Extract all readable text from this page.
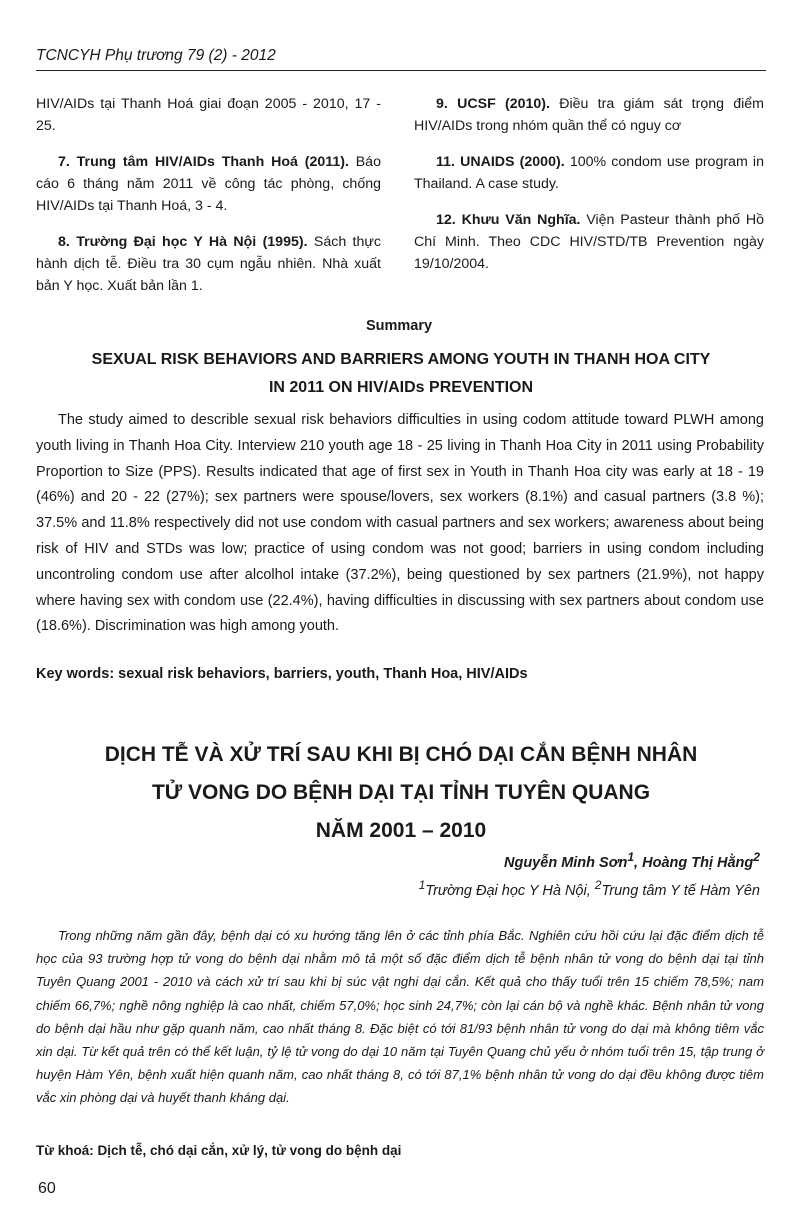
TCNCYH Phụ trương 79 (2) - 2012

HIV/AIDs tại Thanh Hoá giai đoạn 2005 - 2010, 17 - 25.

7. Trung tâm HIV/AIDs Thanh Hoá (2011). Báo cáo 6 tháng năm 2011 về công tác phòng, chống HIV/AIDs tại Thanh Hoá, 3 - 4.

8. Trường Đại học Y Hà Nội (1995). Sách thực hành dịch tễ. Điều tra 30 cụm ngẫu nhiên. Nhà xuất bản Y học. Xuất bản lần 1.

9. UCSF (2010). Điều tra giám sát trọng điểm HIV/AIDs trong nhóm quần thể có nguy cơ

11. UNAIDS (2000). 100% condom use program in Thailand. A case study.

12. Khưu Văn Nghĩa. Viện Pasteur thành phố Hồ Chí Minh. Theo CDC HIV/STD/TB Prevention ngày 19/10/2004.

Summary
SEXUAL RISK BEHAVIORS AND BARRIERS AMONG YOUTH IN THANH HOA CITY
IN 2011 ON HIV/AIDs PREVENTION

The study aimed to describle sexual risk behaviors difficulties in using codom attitude toward PLWH among youth living in Thanh Hoa City. Interview 210 youth age 18 - 25 living in Thanh Hoa City in 2011 using Probability Proportion to Size (PPS). Results indicated that age of first sex in Youth in Thanh Hoa city was early at 18 - 19 (46%) and 20 - 22 (27%); sex partners were spouse/lovers, sex workers (8.1%) and casual partners (3.8 %); 37.5% and 11.8% respectively did not use condom with casual partners and sex workers; awareness about being risk of HIV and STDs was low; practice of using condom was not good; barriers in using condom including uncontroling condom use after alcolhol intake (37.2%), being questioned by sex partners (21.9%), not happy where having sex with condom use (22.4%), having difficulties in discussing with sex partners about condom use (18.6%). Discrimination was high among youth.

Key words: sexual risk behaviors, barriers, youth, Thanh Hoa, HIV/AIDs

DỊCH TỄ VÀ XỬ TRÍ SAU KHI BỊ CHÓ DẠI CẮN BỆNH NHÂN
TỬ VONG DO BỆNH DẠI TẠI TỈNH TUYÊN QUANG
NĂM 2001 – 2010
Nguyễn Minh Sơn$^1$, Hoàng Thị Hằng$^2$
$^1$Trường Đại học Y Hà Nội, $^2$Trung tâm Y tế Hàm Yên

Trong những năm gần đây, bệnh dại có xu hướng tăng lên ở các tỉnh phía Bắc. Nghiên cứu hồi cứu lại đặc điểm dịch tễ học của 93 trường hợp tử vong do bệnh dại nhằm mô tả một số đặc điểm dịch tễ bệnh nhân tử vong do bệnh dại tại tỉnh Tuyên Quang 2001 - 2010 và cách xử trí sau khi bị súc vật nghi dại cắn. Kết quả cho thấy tuổi trên 15 chiếm 78,5%; nam chiếm 66,7%; nghề nông nghiệp là cao nhất, chiếm 57,0%; học sinh 24,7%; còn lại cán bộ và nghề khác. Bệnh nhân tử vong do bệnh dại hầu như gặp quanh năm, cao nhất tháng 8. Đặc biệt có tới 81/93 bệnh nhân tử vong do dại mà không tiêm vắc xin dại. Từ kết quả trên có thể kết luận, tỷ lệ tử vong do dại 10 năm tại Tuyên Quang chủ yếu ở nhóm tuổi trên 15, tập trung ở huyện Hàm Yên, bệnh xuất hiện quanh năm, cao nhất tháng 8, có tới 87,1% bệnh nhân tử vong do dại đều không được tiêm vắc xin phòng dại và huyết thanh kháng dại.

Từ khoá: Dịch tễ, chó dại cắn, xử lý, tử vong do bệnh dại

60
